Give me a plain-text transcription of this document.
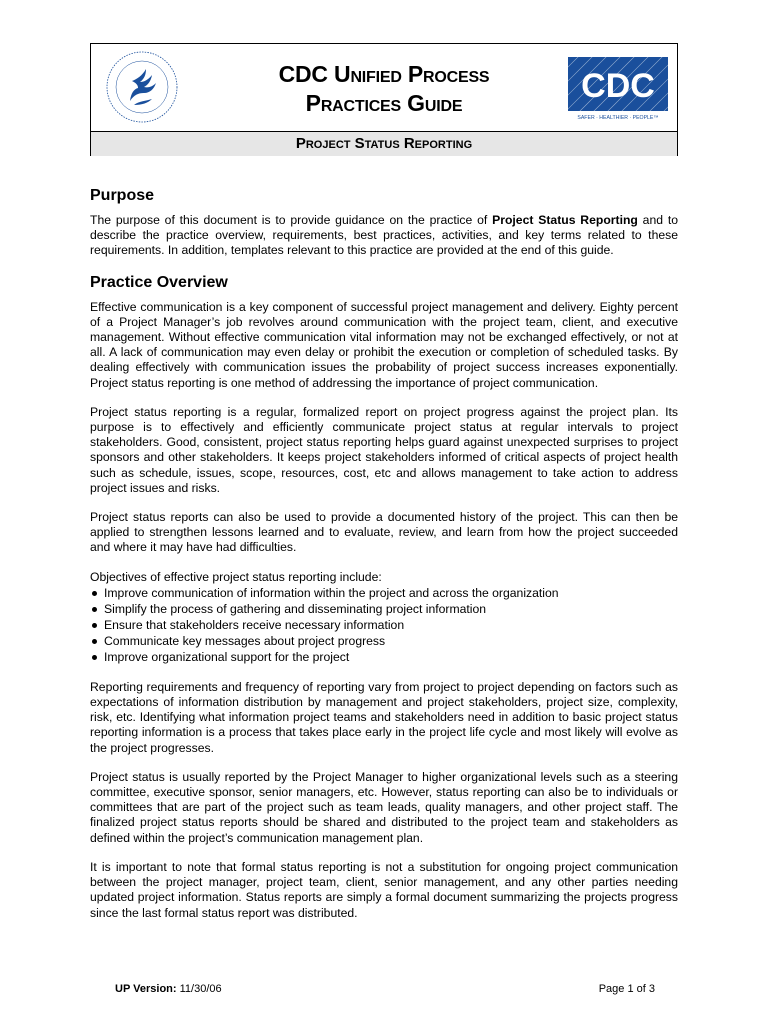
CDC Unified Process
Practices Guide	CDC
SAFER · HEALTHIER · PEOPLE™
Project Status Reporting
Purpose

The purpose of this document is to provide guidance on the practice of Project Status Reporting and to describe the practice overview, requirements, best practices, activities, and key terms related to these requirements. In addition, templates relevant to this practice are provided at the end of this guide.

Practice Overview

Effective communication is a key component of successful project management and delivery. Eighty percent of a Project Manager’s job revolves around communication with the project team, client, and executive management. Without effective communication vital information may not be exchanged effectively, or not at all. A lack of communication may even delay or prohibit the execution or completion of scheduled tasks. By dealing effectively with communication issues the probability of project success increases exponentially. Project status reporting is one method of addressing the importance of project communication.

Project status reporting is a regular, formalized report on project progress against the project plan. Its purpose is to effectively and efficiently communicate project status at regular intervals to project stakeholders. Good, consistent, project status reporting helps guard against unexpected surprises to project sponsors and other stakeholders. It keeps project stakeholders informed of critical aspects of project health such as schedule, issues, scope, resources, cost, etc and allows management to take action to address project issues and risks.

Project status reports can also be used to provide a documented history of the project. This can then be applied to strengthen lessons learned and to evaluate, review, and learn from how the project succeeded and where it may have had difficulties.

Objectives of effective project status reporting include:

Improve communication of information within the project and across the organization
Simplify the process of gathering and disseminating project information
Ensure that stakeholders receive necessary information
Communicate key messages about project progress
Improve organizational support for the project

Reporting requirements and frequency of reporting vary from project to project depending on factors such as expectations of information distribution by management and project stakeholders, project size, complexity, risk, etc. Identifying what information project teams and stakeholders need in addition to basic project status reporting information is a process that takes place early in the project life cycle and most likely will evolve as the project progresses.

Project status is usually reported by the Project Manager to higher organizational levels such as a steering committee, executive sponsor, senior managers, etc. However, status reporting can also be to individuals or committees that are part of the project such as team leads, quality managers, and other project staff. The finalized project status reports should be shared and distributed to the project team and stakeholders as defined within the project’s communication management plan.

It is important to note that formal status reporting is not a substitution for ongoing project communication between the project manager, project team, client, senior management, and any other parties needing updated project information. Status reports are simply a formal document summarizing the projects progress since the last formal status report was distributed.

UP Version: 11/30/06	Page 1 of 3
